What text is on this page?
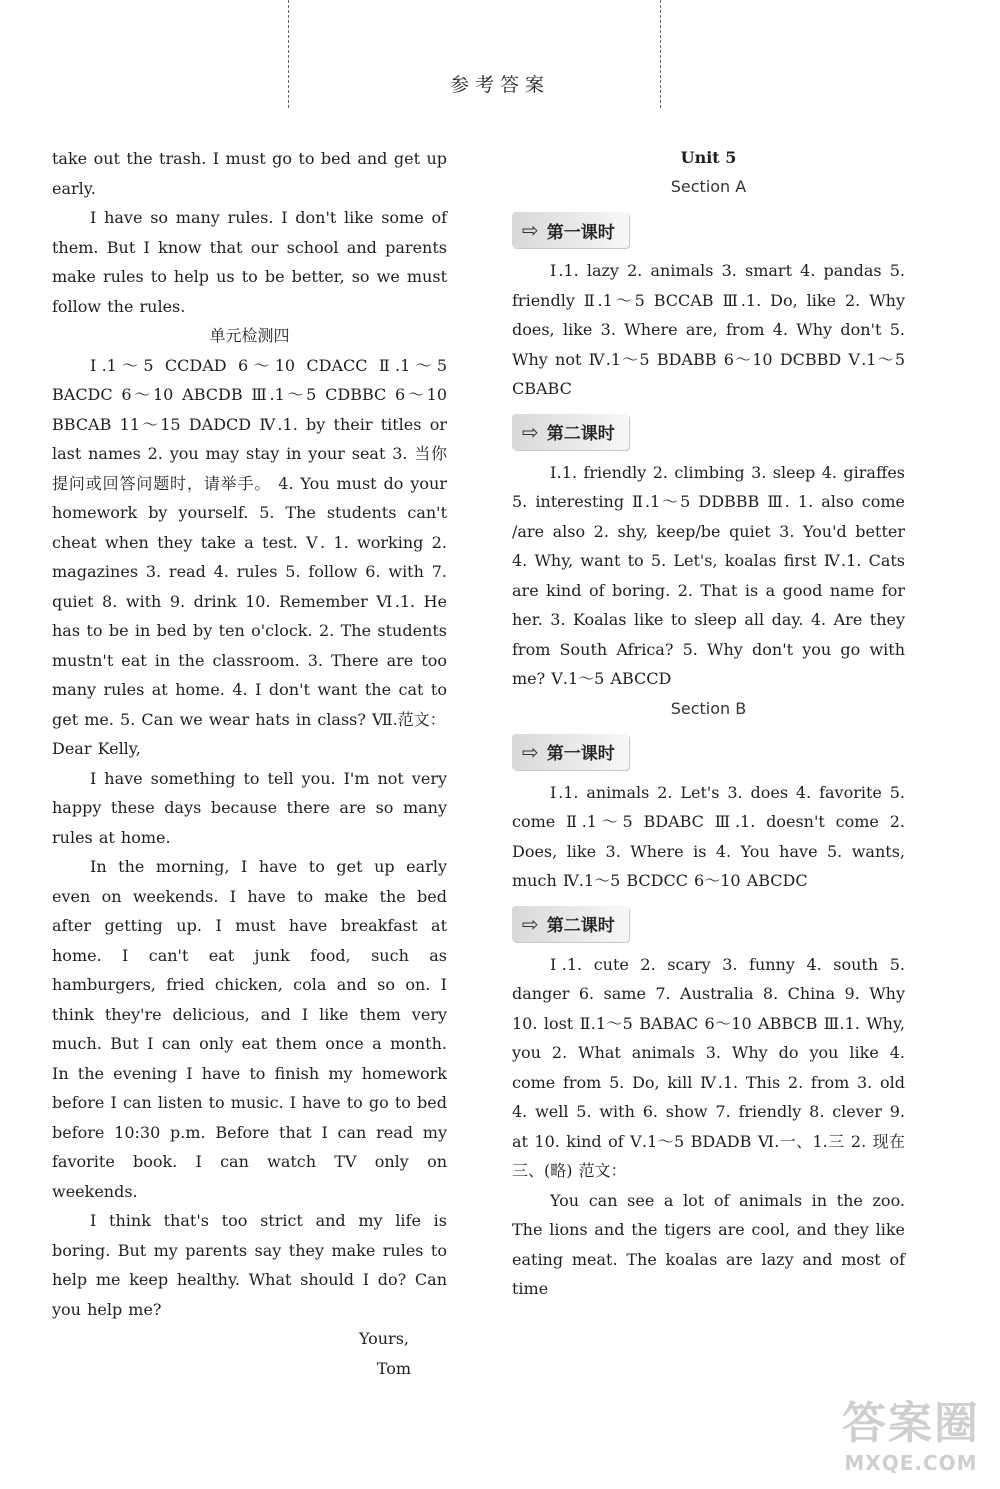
参考答案

take out the trash. I must go to bed and get up early.

I have so many rules. I don't like some of them. But I know that our school and parents make rules to help us to be better, so we must follow the rules.

单元检测四

Ⅰ.1～5 CCDAD 6～10 CDACC Ⅱ.1～5 BACDC 6～10 ABCDB Ⅲ.1～5 CDBBC 6～10 BBCAB 11～15 DADCD Ⅳ.1. by their titles or last names 2. you may stay in your seat 3. 当你提问或回答问题时，请举手。 4. You must do your homework by yourself. 5. The students can't cheat when they take a test. Ⅴ. 1. working 2. magazines 3. read 4. rules 5. follow 6. with 7. quiet 8. with 9. drink 10. Remember Ⅵ.1. He has to be in bed by ten o'clock. 2. The students mustn't eat in the classroom. 3. There are too many rules at home. 4. I don't want the cat to get me. 5. Can we wear hats in class? Ⅶ.范文：

Dear Kelly,

I have something to tell you. I'm not very happy these days because there are so many rules at home.

In the morning, I have to get up early even on weekends. I have to make the bed after getting up. I must have breakfast at home. I can't eat junk food, such as hamburgers, fried chicken, cola and so on. I think they're delicious, and I like them very much. But I can only eat them once a month. In the evening I have to finish my homework before I can listen to music. I have to go to bed before 10:30 p.m. Before that I can read my favorite book. I can watch TV only on weekends.

I think that's too strict and my life is boring. But my parents say they make rules to help me keep healthy. What should I do? Can you help me?

Yours,

Tom

Unit 5
Section A
⇨ 第一课时

Ⅰ.1. lazy 2. animals 3. smart 4. pandas 5. friendly Ⅱ.1～5 BCCAB Ⅲ.1. Do, like 2. Why does, like 3. Where are, from 4. Why don't 5. Why not Ⅳ.1～5 BDABB 6～10 DCBBD Ⅴ.1～5 CBABC

⇨ 第二课时

Ⅰ.1. friendly 2. climbing 3. sleep 4. giraffes 5. interesting Ⅱ.1～5 DDBBB Ⅲ. 1. also come /are also 2. shy, keep/be quiet 3. You'd better 4. Why, want to 5. Let's, koalas first Ⅳ.1. Cats are kind of boring. 2. That is a good name for her. 3. Koalas like to sleep all day. 4. Are they from South Africa? 5. Why don't you go with me? Ⅴ.1～5 ABCCD

Section B
⇨ 第一课时

Ⅰ.1. animals 2. Let's 3. does 4. favorite 5. come Ⅱ.1～5 BDABC Ⅲ.1. doesn't come 2. Does, like 3. Where is 4. You have 5. wants, much Ⅳ.1～5 BCDCC 6～10 ABCDC

⇨ 第二课时

Ⅰ.1. cute 2. scary 3. funny 4. south 5. danger 6. same 7. Australia 8. China 9. Why 10. lost Ⅱ.1～5 BABAC 6～10 ABBCB Ⅲ.1. Why, you 2. What animals 3. Why do you like 4. come from 5. Do, kill Ⅳ.1. This 2. from 3. old 4. well 5. with 6. show 7. friendly 8. clever 9. at 10. kind of Ⅴ.1～5 BDADB Ⅵ.一、1.三 2. 现在 三、(略) 范文：

You can see a lot of animals in the zoo. The lions and the tigers are cool, and they like eating meat. The koalas are lazy and most of time

答案圈
MXQE.COM
